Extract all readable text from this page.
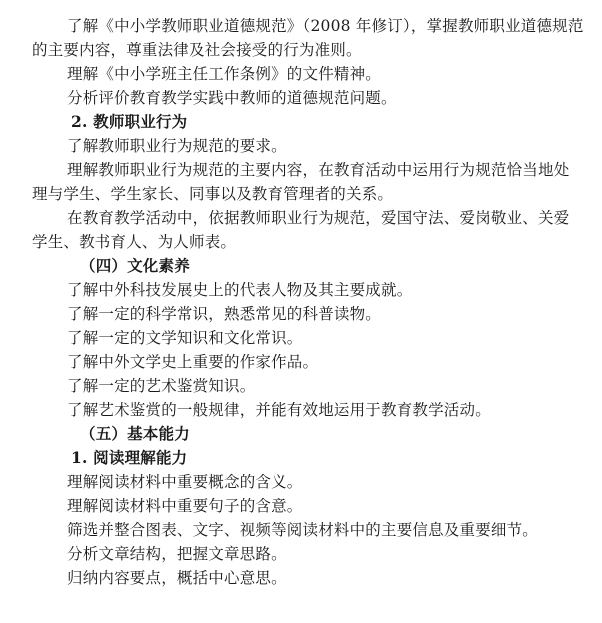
了解《中小学教师职业道德规范》（2008 年修订），掌握教师职业道德规范
的主要内容，尊重法律及社会接受的行为准则。
理解《中小学班主任工作条例》的文件精神。
分析评价教育教学实践中教师的道德规范问题。
2. 教师职业行为
了解教师职业行为规范的要求。
理解教师职业行为规范的主要内容，在教育活动中运用行为规范恰当地处
理与学生、学生家长、同事以及教育管理者的关系。
在教育教学活动中，依据教师职业行为规范，爱国守法、爱岗敬业、关爱
学生、教书育人、为人师表。
（四）文化素养
了解中外科技发展史上的代表人物及其主要成就。
了解一定的科学常识，熟悉常见的科普读物。
了解一定的文学知识和文化常识。
了解中外文学史上重要的作家作品。
了解一定的艺术鉴赏知识。
了解艺术鉴赏的一般规律，并能有效地运用于教育教学活动。
（五）基本能力
1. 阅读理解能力
理解阅读材料中重要概念的含义。
理解阅读材料中重要句子的含意。
筛选并整合图表、文字、视频等阅读材料中的主要信息及重要细节。
分析文章结构，把握文章思路。
归纳内容要点，概括中心意思。
